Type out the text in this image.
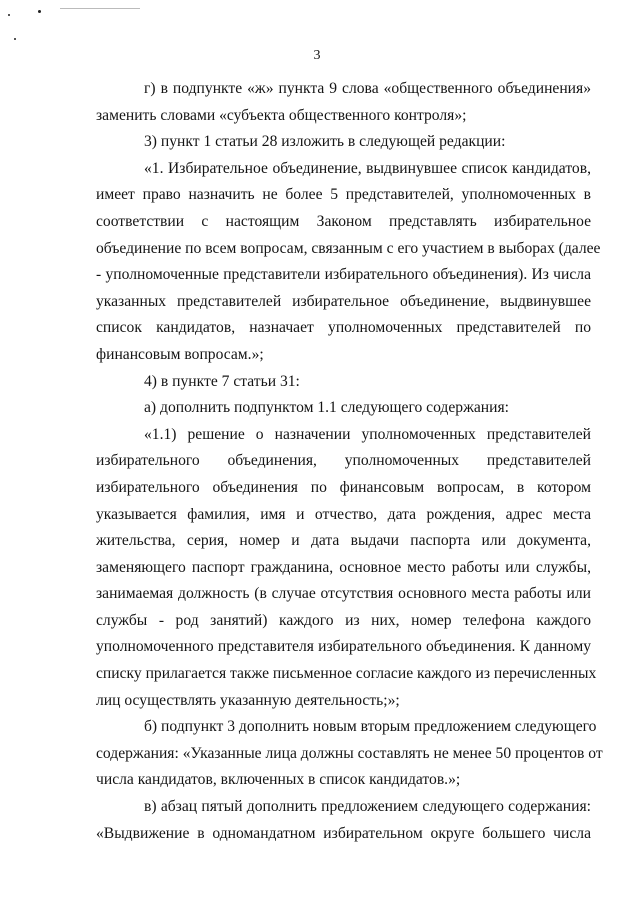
3
г) в подпункте «ж» пункта 9 слова «общественного объединения»
заменить словами «субъекта общественного контроля»;
3) пункт 1 статьи 28 изложить в следующей редакции:
«1. Избирательное объединение, выдвинувшее список кандидатов,
имеет право назначить не более 5 представителей, уполномоченных в
соответствии с настоящим Законом представлять избирательное
объединение по всем вопросам, связанным с его участием в выборах (далее
- уполномоченные представители избирательного объединения). Из числа
указанных представителей избирательное объединение, выдвинувшее
список кандидатов, назначает уполномоченных представителей по
финансовым вопросам.»;
4) в пункте 7 статьи 31:
а) дополнить подпунктом 1.1 следующего содержания:
«1.1) решение о назначении уполномоченных представителей
избирательного объединения, уполномоченных представителей
избирательного объединения по финансовым вопросам, в котором
указывается фамилия, имя и отчество, дата рождения, адрес места
жительства, серия, номер и дата выдачи паспорта или документа,
заменяющего паспорт гражданина, основное место работы или службы,
занимаемая должность (в случае отсутствия основного места работы или
службы - род занятий) каждого из них, номер телефона каждого
уполномоченного представителя избирательного объединения. К данному
списку прилагается также письменное согласие каждого из перечисленных
лиц осуществлять указанную деятельность;»;
б) подпункт 3 дополнить новым вторым предложением следующего
содержания: «Указанные лица должны составлять не менее 50 процентов от
числа кандидатов, включенных в список кандидатов.»;
в) абзац пятый дополнить предложением следующего содержания:
«Выдвижение в одномандатном избирательном округе большего числа
